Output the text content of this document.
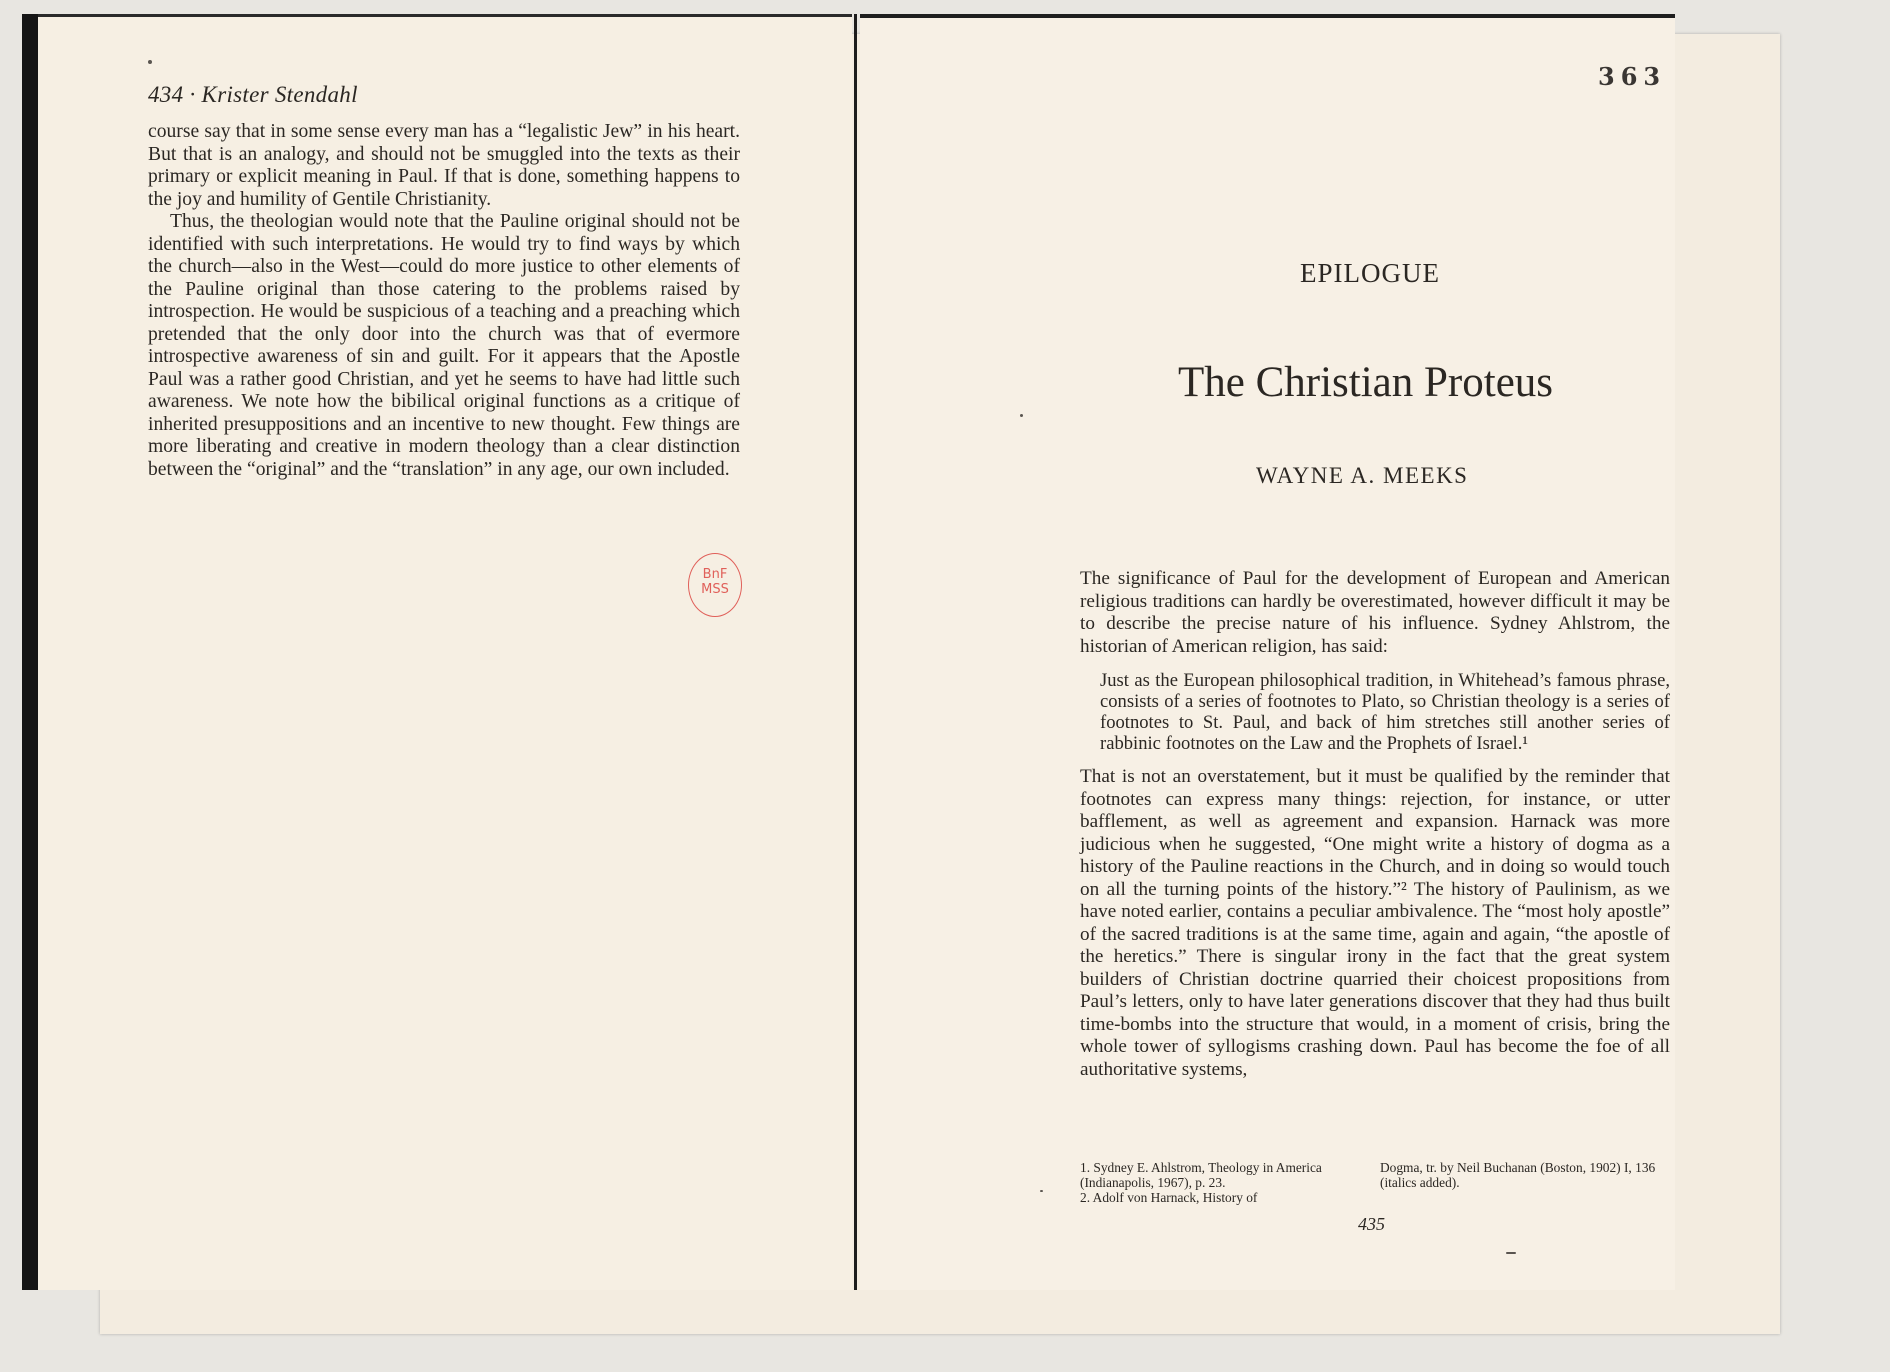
434 · Krister Stendahl

course say that in some sense every man has a “legalistic Jew” in his heart. But that is an analogy, and should not be smuggled into the texts as their primary or explicit meaning in Paul. If that is done, something happens to the joy and humility of Gentile Christianity.

Thus, the theologian would note that the Pauline original should not be identified with such interpretations. He would try to find ways by which the church—also in the West—could do more justice to other elements of the Pauline original than those catering to the problems raised by introspection. He would be suspicious of a teaching and a preaching which pretended that the only door into the church was that of evermore introspective awareness of sin and guilt. For it appears that the Apostle Paul was a rather good Christian, and yet he seems to have had little such awareness. We note how the bibilical original functions as a critique of inherited presuppositions and an incentive to new thought. Few things are more liberating and creative in modern theology than a clear distinction between the “original” and the “translation” in any age, our own included.

BnF
MSS
363
EPILOGUE
The Christian Proteus
WAYNE A. MEEKS

The significance of Paul for the development of European and American religious traditions can hardly be overestimated, however difficult it may be to describe the precise nature of his influence. Sydney Ahlstrom, the historian of American religion, has said:

Just as the European philosophical tradition, in Whitehead’s famous phrase, consists of a series of footnotes to Plato, so Christian theology is a series of footnotes to St. Paul, and back of him stretches still another series of rabbinic footnotes on the Law and the Prophets of Israel.¹

That is not an overstatement, but it must be qualified by the reminder that footnotes can express many things: rejection, for instance, or utter bafflement, as well as agreement and expansion. Harnack was more judicious when he suggested, “One might write a history of dogma as a history of the Pauline reactions in the Church, and in doing so would touch on all the turning points of the history.”² The history of Paulinism, as we have noted earlier, contains a peculiar ambivalence. The “most holy apostle” of the sacred traditions is at the same time, again and again, “the apostle of the heretics.” There is singular irony in the fact that the great system builders of Christian doctrine quarried their choicest propositions from Paul’s letters, only to have later generations discover that they had thus built time-bombs into the structure that would, in a moment of crisis, bring the whole tower of syllogisms crashing down. Paul has become the foe of all authoritative systems,

1. Sydney E. Ahlstrom, Theology in America (Indianapolis, 1967), p. 23.
2. Adolf von Harnack, History of
Dogma, tr. by Neil Buchanan (Boston, 1902) I, 136 (italics added).
435
